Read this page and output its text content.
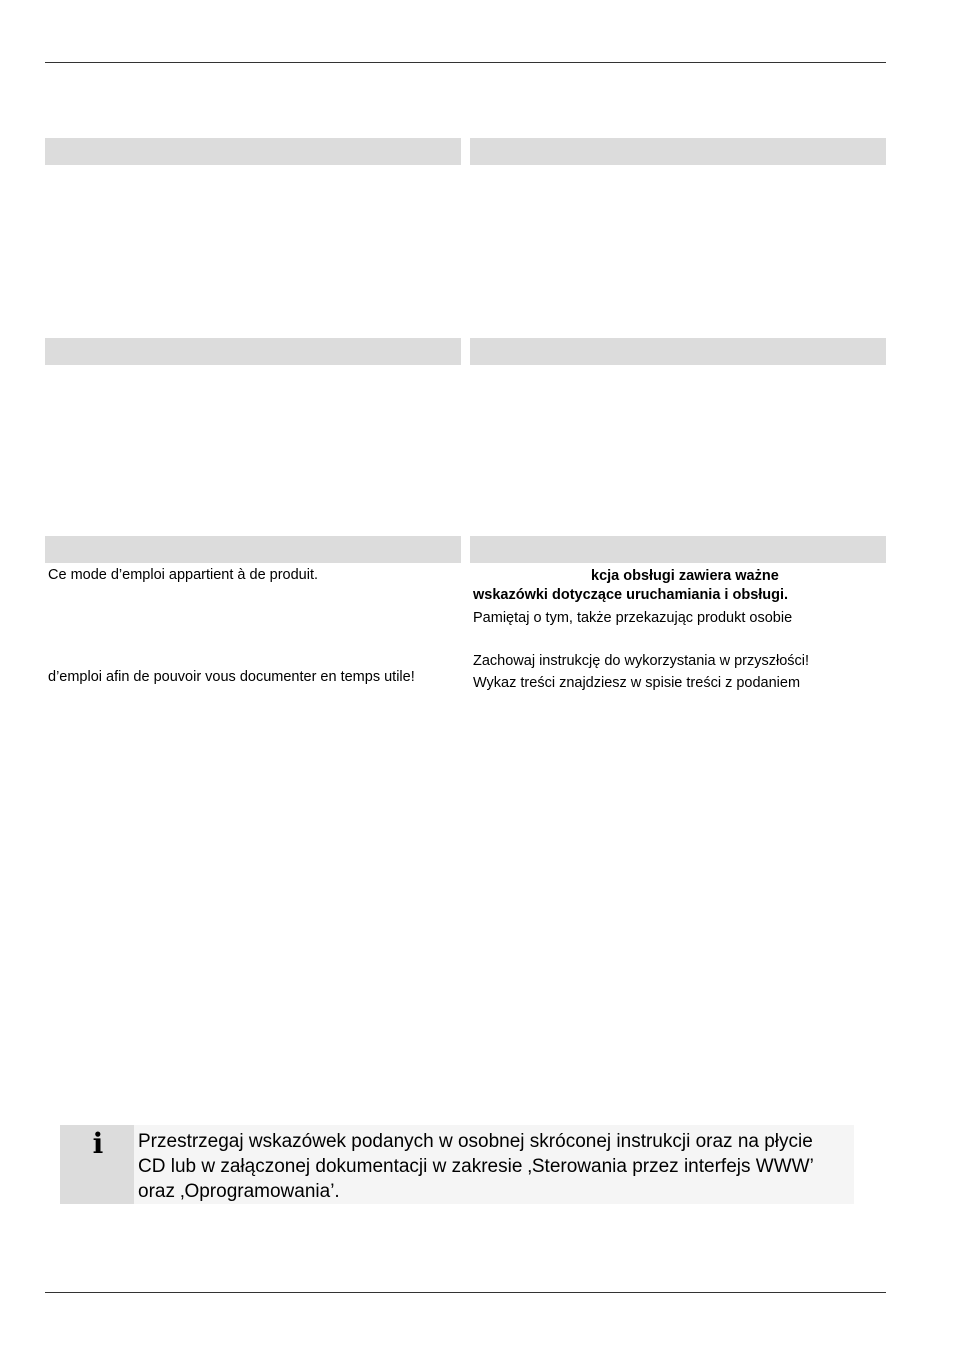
Ce mode d’emploi appartient à de produit.
d’emploi afin de pouvoir vous documenter en temps utile!
kcja obsługi zawiera ważne
wskazówki dotyczące uruchamiania i obsługi.
Pamiętaj o tym, także przekazując produkt osobie
Zachowaj instrukcję do wykorzystania w przyszłości!
Wykaz treści znajdziesz w spisie treści z podaniem
i Przestrzegaj wskazówek podanych w osobnej skróconej instrukcji oraz na płycie
CD lub w załączonej dokumentacji w zakresie ‚Sterowania przez interfejs WWW’
oraz ‚Oprogramowania’.
